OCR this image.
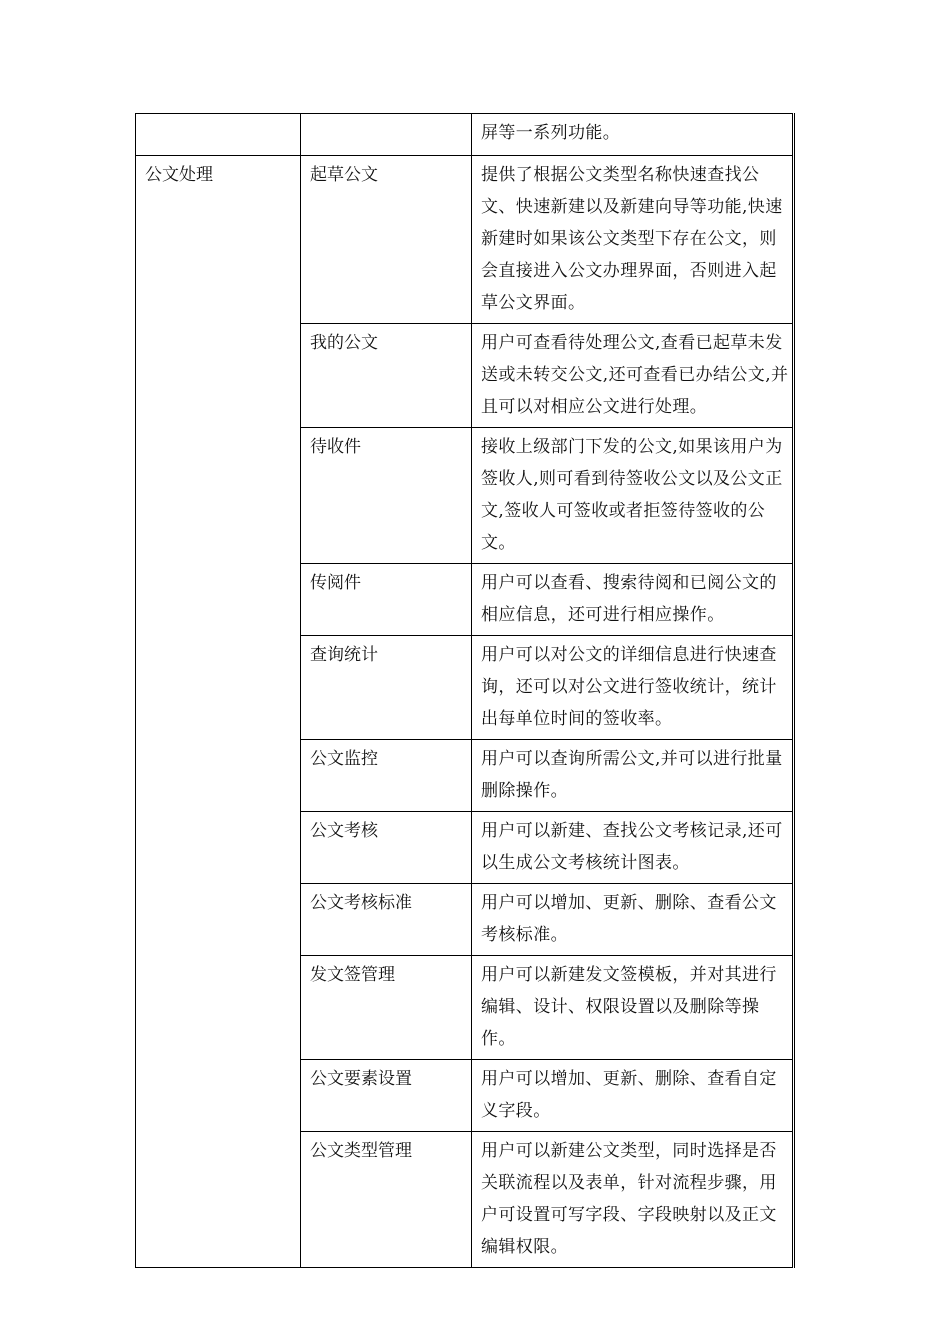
		屏等一系列功能。
公文处理	起草公文	提供了根据公文类型名称快速查找公文、快速新建以及新建向导等功能,快速新建时如果该公文类型下存在公文，则会直接进入公文办理界面，否则进入起草公文界面。
	我的公文	用户可查看待处理公文,查看已起草未发送或未转交公文,还可查看已办结公文,并且可以对相应公文进行处理。
	待收件	接收上级部门下发的公文,如果该用户为签收人,则可看到待签收公文以及公文正文,签收人可签收或者拒签待签收的公文。
	传阅件	用户可以查看、搜索待阅和已阅公文的相应信息，还可进行相应操作。
	查询统计	用户可以对公文的详细信息进行快速查询，还可以对公文进行签收统计，统计出每单位时间的签收率。
	公文监控	用户可以查询所需公文,并可以进行批量删除操作。
	公文考核	用户可以新建、查找公文考核记录,还可以生成公文考核统计图表。
	公文考核标准	用户可以增加、更新、删除、查看公文考核标准。
	发文签管理	用户可以新建发文签模板，并对其进行编辑、设计、权限设置以及删除等操作。
	公文要素设置	用户可以增加、更新、删除、查看自定义字段。
	公文类型管理	用户可以新建公文类型，同时选择是否关联流程以及表单，针对流程步骤，用户可设置可写字段、字段映射以及正文编辑权限。
